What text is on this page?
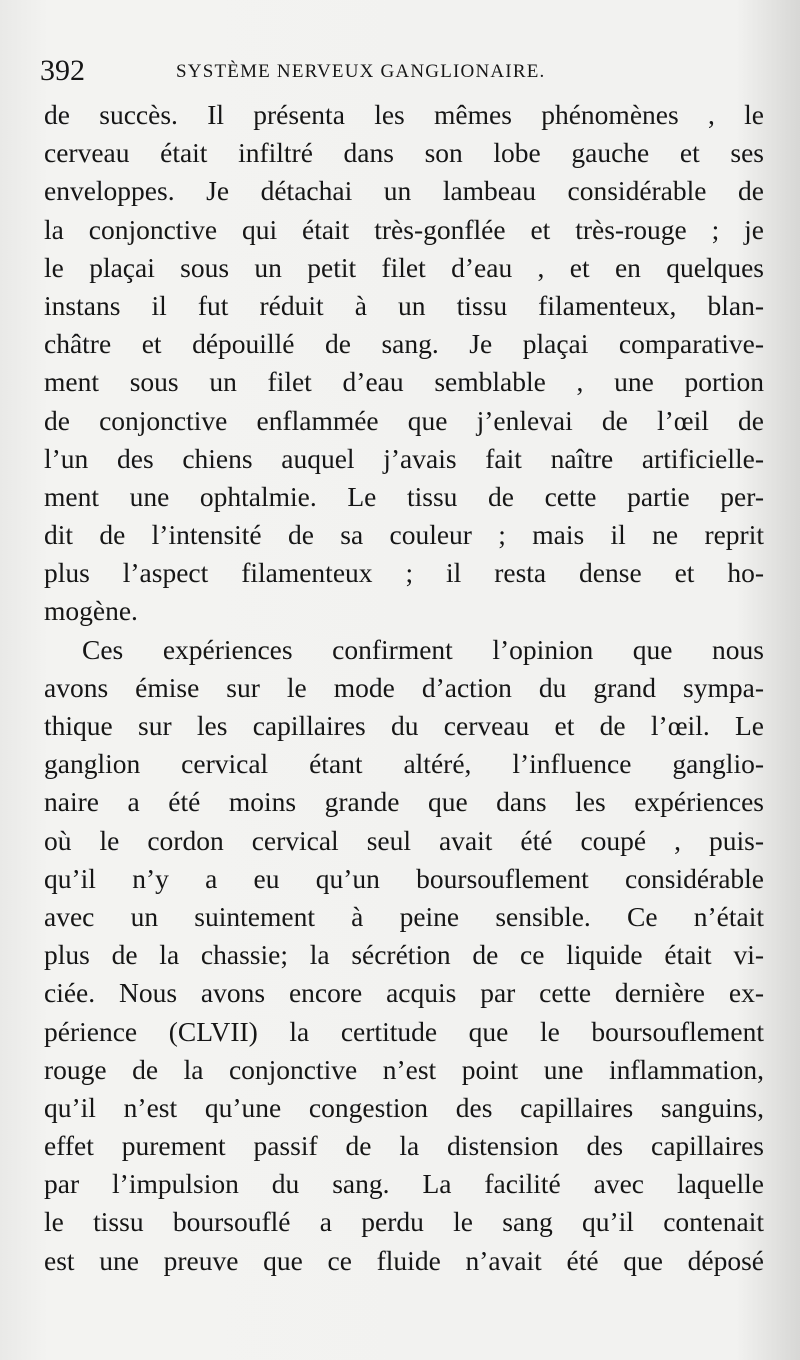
392	SYSTÈME NERVEUX GANGLIONAIRE.
de succès. Il présenta les mêmes phénomènes , le
cerveau était infiltré dans son lobe gauche et ses
enveloppes. Je détachai un lambeau considérable de
la conjonctive qui était très-gonflée et très-rouge ; je
le plaçai sous un petit filet d’eau , et en quelques
instans il fut réduit à un tissu filamenteux, blan-
châtre et dépouillé de sang. Je plaçai comparative-
ment sous un filet d’eau semblable , une portion
de conjonctive enflammée que j’enlevai de l’œil de
l’un des chiens auquel j’avais fait naître artificielle-
ment une ophtalmie. Le tissu de cette partie per-
dit de l’intensité de sa couleur ; mais il ne reprit
plus l’aspect filamenteux ; il resta dense et ho-
mogène.
Ces expériences confirment l’opinion que nous
avons émise sur le mode d’action du grand sympa-
thique sur les capillaires du cerveau et de l’œil. Le
ganglion cervical étant altéré, l’influence ganglio-
naire a été moins grande que dans les expériences
où le cordon cervical seul avait été coupé , puis-
qu’il n’y a eu qu’un boursouflement considérable
avec un suintement à peine sensible. Ce n’était
plus de la chassie; la sécrétion de ce liquide était vi-
ciée. Nous avons encore acquis par cette dernière ex-
périence (CLVII) la certitude que le boursouflement
rouge de la conjonctive n’est point une inflammation,
qu’il n’est qu’une congestion des capillaires sanguins,
effet purement passif de la distension des capillaires
par l’impulsion du sang. La facilité avec laquelle
le tissu boursouflé a perdu le sang qu’il contenait
est une preuve que ce fluide n’avait été que déposé
